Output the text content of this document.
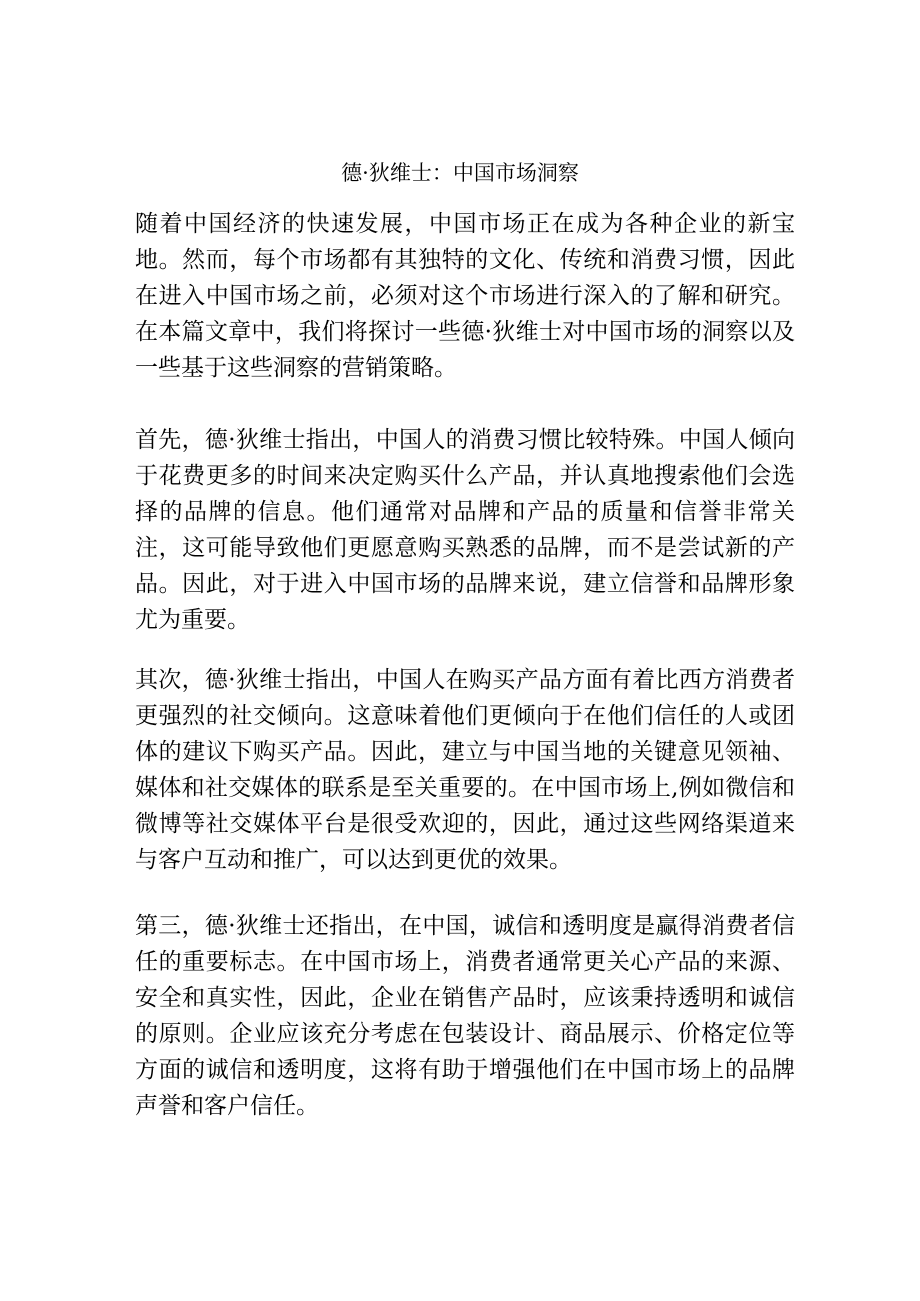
德·狄维士：中国市场洞察

随着中国经济的快速发展，中国市场正在成为各种企业的新宝地。然而，每个市场都有其独特的文化、传统和消费习惯，因此在进入中国市场之前，必须对这个市场进行深入的了解和研究。在本篇文章中，我们将探讨一些德·狄维士对中国市场的洞察以及一些基于这些洞察的营销策略。

首先，德·狄维士指出，中国人的消费习惯比较特殊。中国人倾向于花费更多的时间来决定购买什么产品，并认真地搜索他们会选择的品牌的信息。他们通常对品牌和产品的质量和信誉非常关注，这可能导致他们更愿意购买熟悉的品牌，而不是尝试新的产品。因此，对于进入中国市场的品牌来说，建立信誉和品牌形象尤为重要。

其次，德·狄维士指出，中国人在购买产品方面有着比西方消费者更强烈的社交倾向。这意味着他们更倾向于在他们信任的人或团体的建议下购买产品。因此，建立与中国当地的关键意见领袖、媒体和社交媒体的联系是至关重要的。在中国市场上,例如微信和微博等社交媒体平台是很受欢迎的，因此，通过这些网络渠道来与客户互动和推广，可以达到更优的效果。

第三，德·狄维士还指出，在中国，诚信和透明度是赢得消费者信任的重要标志。在中国市场上，消费者通常更关心产品的来源、安全和真实性，因此，企业在销售产品时，应该秉持透明和诚信的原则。企业应该充分考虑在包装设计、商品展示、价格定位等方面的诚信和透明度，这将有助于增强他们在中国市场上的品牌声誉和客户信任。
